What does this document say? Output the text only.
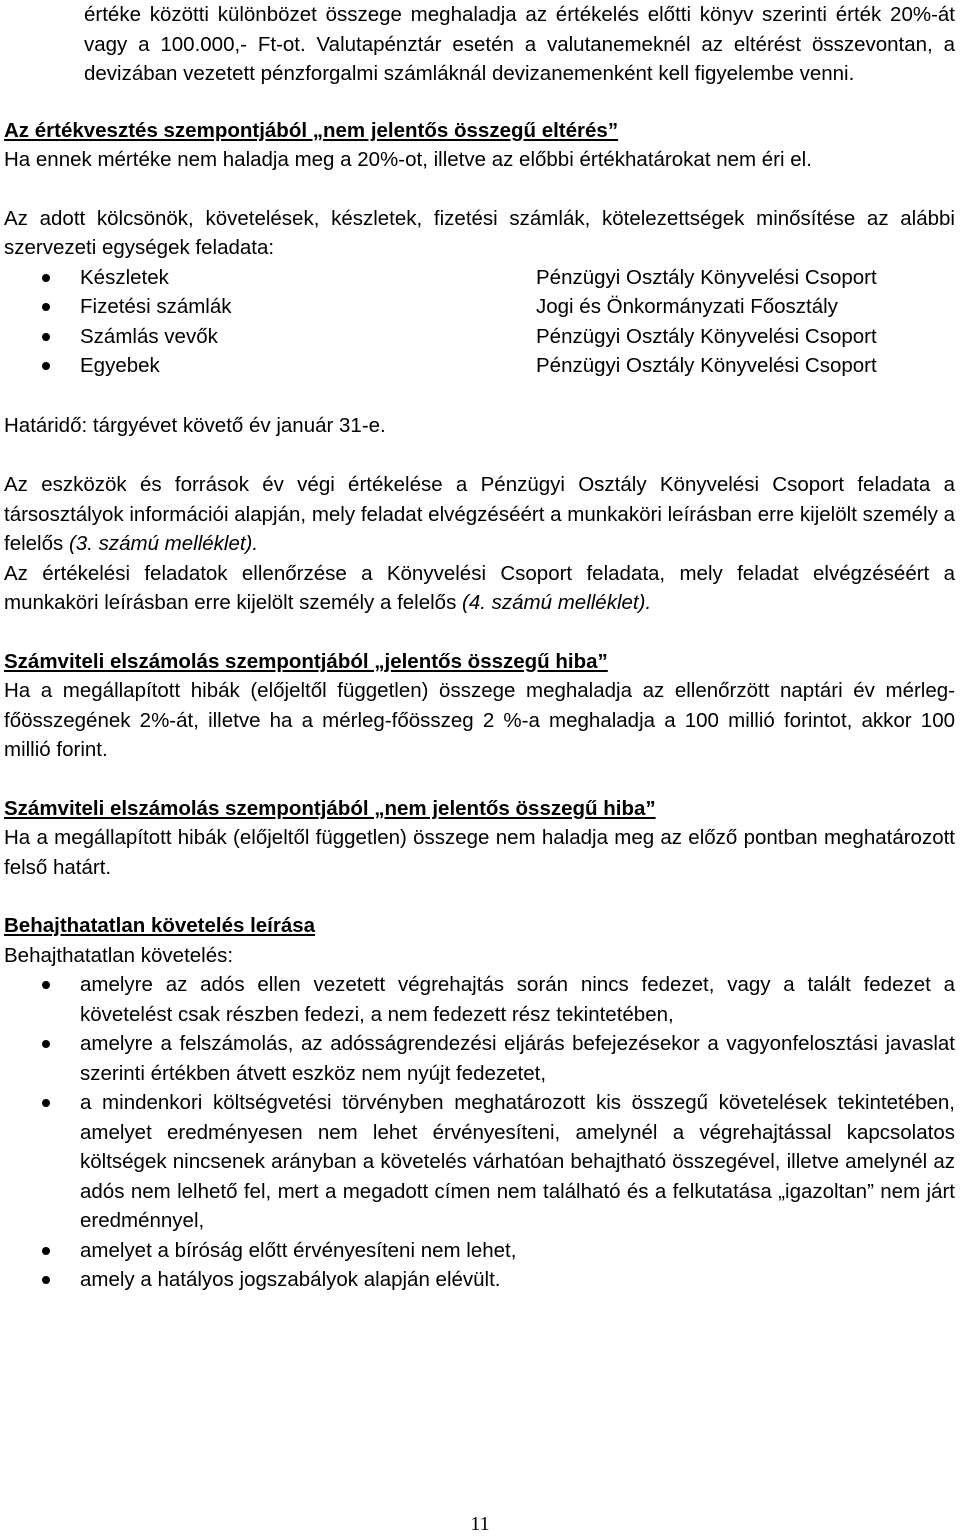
értéke közötti különbözet összege meghaladja az értékelés előtti könyv szerinti érték 20%-át vagy a 100.000,- Ft-ot. Valutapénztár esetén a valutanemeknél az eltérést összevontan, a devizában vezetett pénzforgalmi számláknál devizanemenként kell figyelembe venni.

Az értékvesztés szempontjából „nem jelentős összegű eltérés”

Ha ennek mértéke nem haladja meg a 20%-ot, illetve az előbbi értékhatárokat nem éri el.

Az adott kölcsönök, követelések, készletek, fizetési számlák, kötelezettségek minősítése az alábbi szervezeti egységek feladata:

Készletek	Pénzügyi Osztály Könyvelési Csoport
Fizetési számlák	Jogi és Önkormányzati Főosztály
Számlás vevők	Pénzügyi Osztály Könyvelési Csoport
Egyebek	Pénzügyi Osztály Könyvelési Csoport

Határidő: tárgyévet követő év január 31-e.

Az eszközök és források év végi értékelése a Pénzügyi Osztály Könyvelési Csoport feladata a társosztályok információi alapján, mely feladat elvégzéséért a munkaköri leírásban erre kijelölt személy a felelős (3. számú melléklet).

Az értékelési feladatok ellenőrzése a Könyvelési Csoport feladata, mely feladat elvégzéséért a munkaköri leírásban erre kijelölt személy a felelős (4. számú melléklet).

Számviteli elszámolás szempontjából „jelentős összegű hiba”

Ha a megállapított hibák (előjeltől független) összege meghaladja az ellenőrzött naptári év mérleg-főösszegének 2%-át, illetve ha a mérleg-főösszeg 2 %-a meghaladja a 100 millió forintot, akkor 100 millió forint.

Számviteli elszámolás szempontjából „nem jelentős összegű hiba”

Ha a megállapított hibák (előjeltől független) összege nem haladja meg az előző pontban meghatározott felső határt.

Behajthatatlan követelés leírása

Behajthatatlan követelés:

amelyre az adós ellen vezetett végrehajtás során nincs fedezet, vagy a talált fedezet a követelést csak részben fedezi, a nem fedezett rész tekintetében,
amelyre a felszámolás, az adósságrendezési eljárás befejezésekor a vagyonfelosztási javaslat szerinti értékben átvett eszköz nem nyújt fedezetet,
a mindenkori költségvetési törvényben meghatározott kis összegű követelések tekintetében, amelyet eredményesen nem lehet érvényesíteni, amelynél a végrehajtással kapcsolatos költségek nincsenek arányban a követelés várhatóan behajtható összegével, illetve amelynél az adós nem lelhető fel, mert a megadott címen nem található és a felkutatása „igazoltan” nem járt eredménnyel,
amelyet a bíróság előtt érvényesíteni nem lehet,
amely a hatályos jogszabályok alapján elévült.
11
